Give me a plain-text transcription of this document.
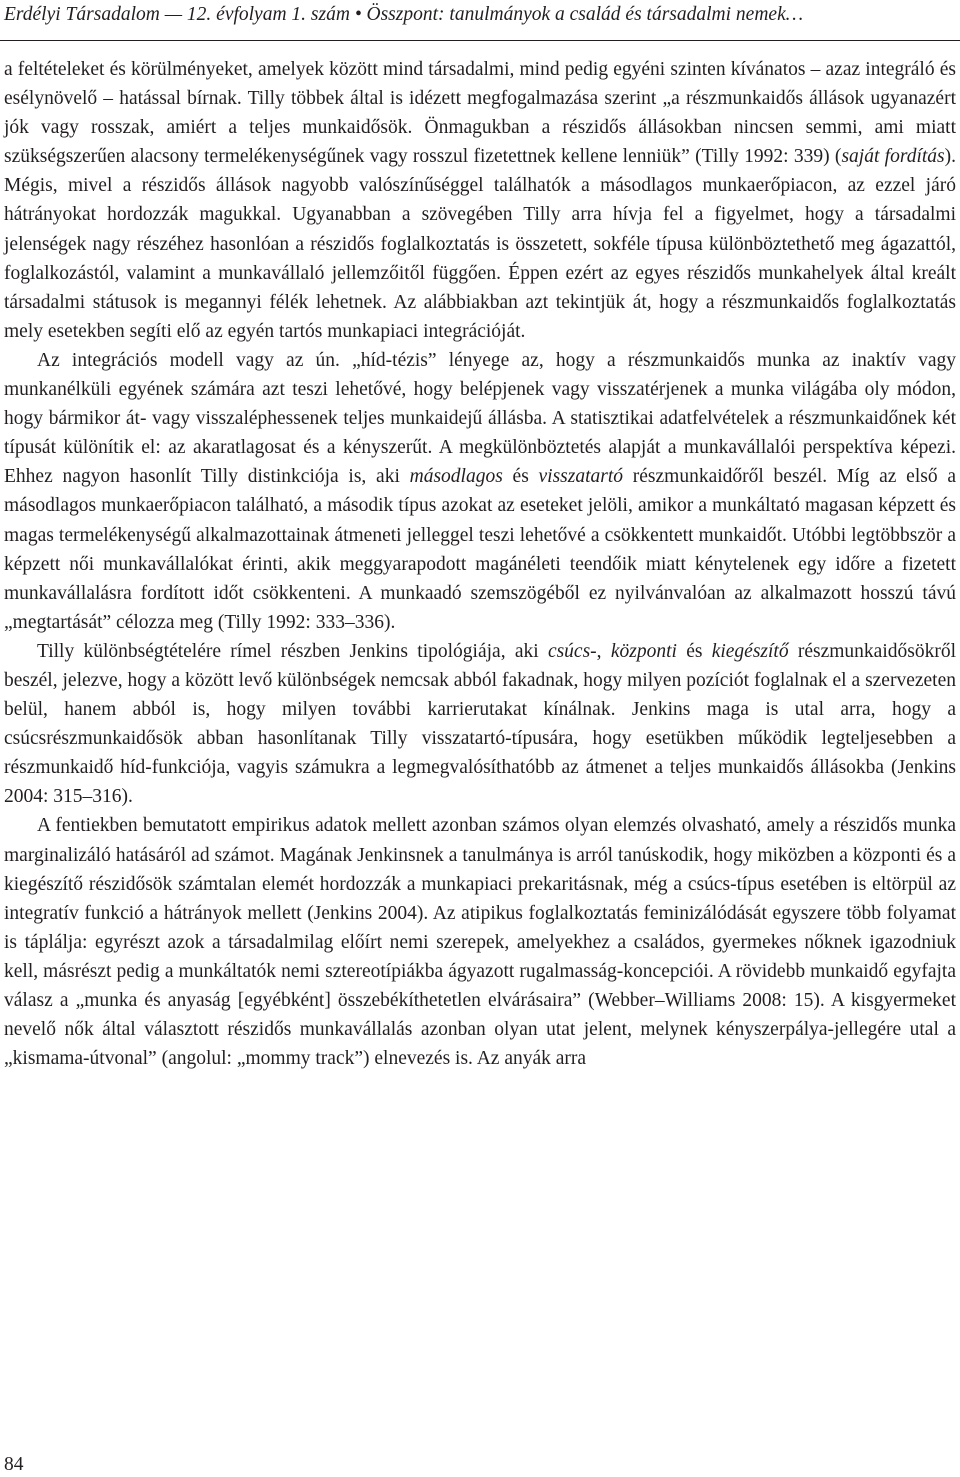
Erdélyi Társadalom — 12. évfolyam 1. szám • Összpont: tanulmányok a család és társadalmi nemek…

a feltételeket és körülményeket, amelyek között mind társadalmi, mind pedig egyéni szinten kívánatos – azaz integráló és esélynövelő – hatással bírnak. Tilly többek által is idézett megfogalmazása szerint „a részmunkaidős állások ugyanazért jók vagy rosszak, amiért a teljes munkaidősök. Önmagukban a részidős állásokban nincsen semmi, ami miatt szükségszerűen alacsony termelékenységűnek vagy rosszul fizetettnek kellene lenniük” (Tilly 1992: 339) (saját fordítás). Mégis, mivel a részidős állások nagyobb valószínűséggel találhatók a másodlagos munkaerőpiacon, az ezzel járó hátrányokat hordozzák magukkal. Ugyanabban a szövegében Tilly arra hívja fel a figyelmet, hogy a társadalmi jelenségek nagy részéhez hasonlóan a részidős foglalkoztatás is összetett, sokféle típusa különböztethető meg ágazattól, foglalkozástól, valamint a munkavállaló jellemzőitől függően. Éppen ezért az egyes részidős munkahelyek által kreált társadalmi státusok is megannyi félék lehetnek. Az alábbiakban azt tekintjük át, hogy a részmunkaidős foglalkoztatás mely esetekben segíti elő az egyén tartós munkapiaci integrációját.

Az integrációs modell vagy az ún. „híd-tézis” lényege az, hogy a részmunkaidős munka az inaktív vagy munkanélküli egyének számára azt teszi lehetővé, hogy belépjenek vagy visszatérjenek a munka világába oly módon, hogy bármikor át- vagy visszaléphessenek teljes munkaidejű állásba. A statisztikai adatfelvételek a részmunkaidőnek két típusát különítik el: az akaratlagosat és a kényszerűt. A megkülönböztetés alapját a munkavállalói perspektíva képezi. Ehhez nagyon hasonlít Tilly distinkciója is, aki másodlagos és visszatartó részmunkaidőről beszél. Míg az első a másodlagos munkaerőpiacon található, a második típus azokat az eseteket jelöli, amikor a munkáltató magasan képzett és magas termelékenységű alkalmazottainak átmeneti jelleggel teszi lehetővé a csökkentett munkaidőt. Utóbbi legtöbbször a képzett női munkavállalókat érinti, akik meggyarapodott magánéleti teendőik miatt kénytelenek egy időre a fizetett munkavállalásra fordított időt csökkenteni. A munkaadó szemszögéből ez nyilvánvalóan az alkalmazott hosszú távú „megtartását” célozza meg (Tilly 1992: 333–336).

Tilly különbségtételére rímel részben Jenkins tipológiája, aki csúcs-, központi és kiegészítő részmunkaidősökről beszél, jelezve, hogy a között levő különbségek nemcsak abból fakadnak, hogy milyen pozíciót foglalnak el a szervezeten belül, hanem abból is, hogy milyen további karrierutakat kínálnak. Jenkins maga is utal arra, hogy a csúcsrészmunkaidősök abban hasonlítanak Tilly visszatartó-típusára, hogy esetükben működik legteljesebben a részmunkaidő híd-funkciója, vagyis számukra a legmegvalósíthatóbb az átmenet a teljes munkaidős állásokba (Jenkins 2004: 315–316).

A fentiekben bemutatott empirikus adatok mellett azonban számos olyan elemzés olvasható, amely a részidős munka marginalizáló hatásáról ad számot. Magának Jenkinsnek a tanulmánya is arról tanúskodik, hogy miközben a központi és a kiegészítő részidősök számtalan elemét hordozzák a munkapiaci prekaritásnak, még a csúcs-típus esetében is eltörpül az integratív funkció a hátrányok mellett (Jenkins 2004). Az atipikus foglalkoztatás feminizálódását egyszere több folyamat is táplálja: egyrészt azok a társadalmilag előírt nemi szerepek, amelyekhez a családos, gyermekes nőknek igazodniuk kell, másrészt pedig a munkáltatók nemi sztereotípiákba ágyazott rugalmasság-koncepciói. A rövidebb munkaidő egyfajta válasz a „munka és anyaság [egyébként] összebékíthetetlen elvárásaira” (Webber–Williams 2008: 15). A kisgyermeket nevelő nők által választott részidős munkavállalás azonban olyan utat jelent, melynek kényszerpálya-jellegére utal a „kismama-útvonal” (angolul: „mommy track”) elnevezés is. Az anyák arra

84
